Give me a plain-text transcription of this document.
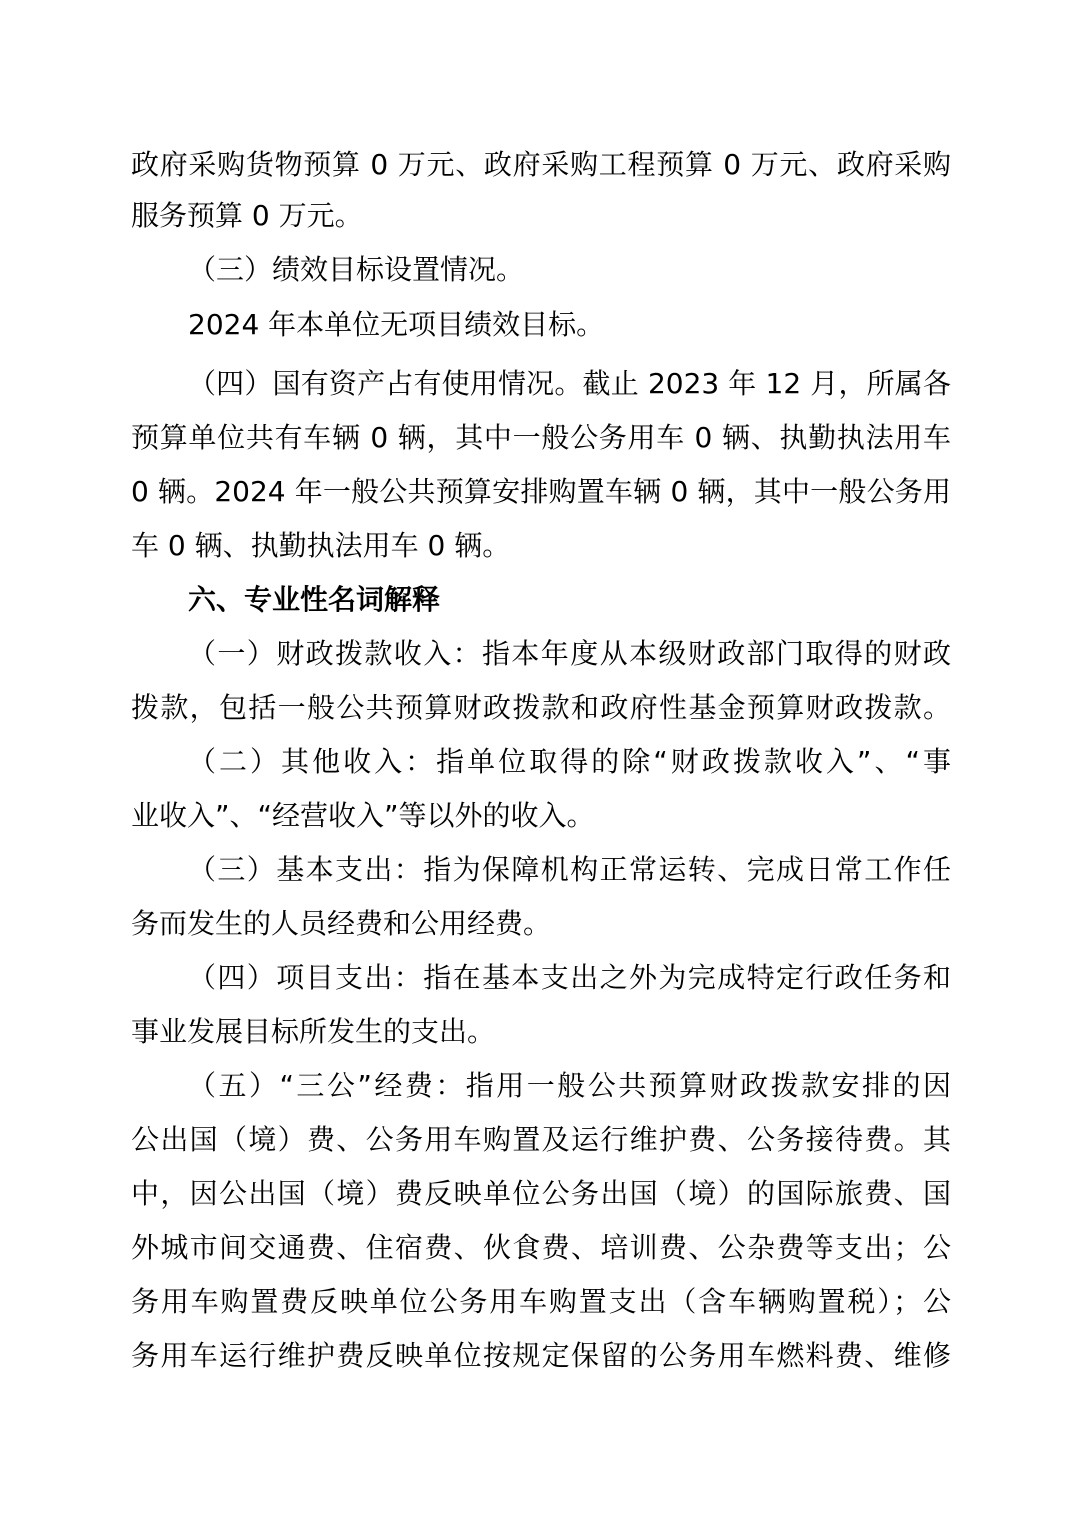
政府采购货物预算 0 万元、政府采购工程预算 0 万元、政府采购
服务预算 0 万元。
（三）绩效目标设置情况。
2024 年本单位无项目绩效目标。
（四）国有资产占有使用情况。截止 2023 年 12 月，所属各
预算单位共有车辆 0 辆，其中一般公务用车 0 辆、执勤执法用车
0 辆。2024 年一般公共预算安排购置车辆 0 辆，其中一般公务用
车 0 辆、执勤执法用车 0 辆。
六、专业性名词解释
（一）财政拨款收入：指本年度从本级财政部门取得的财政
拨款，包括一般公共预算财政拨款和政府性基金预算财政拨款。
（二）其他收入：指单位取得的除“财政拨款收入”、“事
业收入”、“经营收入”等以外的收入。
（三）基本支出：指为保障机构正常运转、完成日常工作任
务而发生的人员经费和公用经费。
（四）项目支出：指在基本支出之外为完成特定行政任务和
事业发展目标所发生的支出。
（五）“三公”经费：指用一般公共预算财政拨款安排的因
公出国（境）费、公务用车购置及运行维护费、公务接待费。其
中，因公出国（境）费反映单位公务出国（境）的国际旅费、国
外城市间交通费、住宿费、伙食费、培训费、公杂费等支出；公
务用车购置费反映单位公务用车购置支出（含车辆购置税）；公
务用车运行维护费反映单位按规定保留的公务用车燃料费、维修
